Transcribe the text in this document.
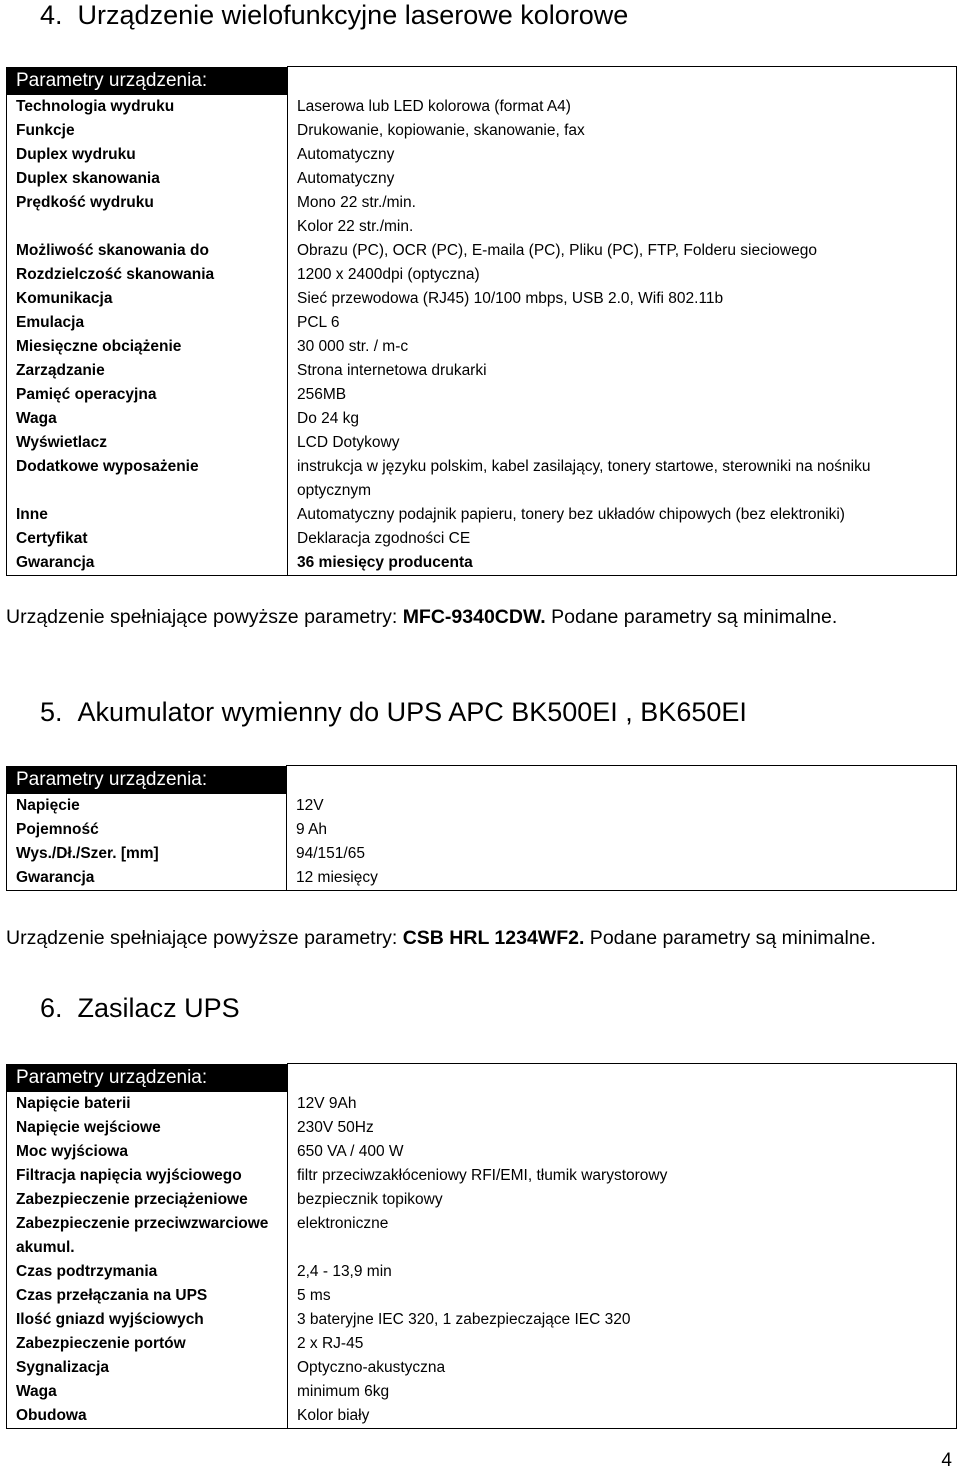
4. Urządzenie wielofunkcyjne laserowe kolorowe
Parametry urządzenia:	
Technologia wydruku	Laserowa lub LED kolorowa (format A4)
Funkcje	Drukowanie, kopiowanie, skanowanie, fax
Duplex wydruku	Automatyczny
Duplex skanowania	Automatyczny
Prędkość wydruku	Mono 22 str./min.
Kolor 22 str./min.

Możliwość skanowania do	Obrazu (PC), OCR (PC), E-maila (PC), Pliku (PC), FTP, Folderu sieciowego
Rozdzielczość skanowania	1200 x 2400dpi (optyczna)
Komunikacja	Sieć przewodowa (RJ45) 10/100 mbps, USB 2.0, Wifi 802.11b
Emulacja	PCL 6
Miesięczne obciążenie	30 000 str. / m-c
Zarządzanie	Strona internetowa drukarki
Pamięć operacyjna	256MB
Waga	Do 24 kg
Wyświetlacz	LCD Dotykowy
Dodatkowe wyposażenie	instrukcja w języku polskim, kabel zasilający, tonery startowe, sterowniki na nośniku optycznym
Inne	Automatyczny podajnik papieru, tonery bez układów chipowych (bez elektroniki)
Certyfikat	Deklaracja zgodności CE
Gwarancja	36 miesięcy producenta

Urządzenie spełniające powyższe parametry: MFC-9340CDW. Podane parametry są minimalne.

5. Akumulator wymienny do UPS APC BK500EI , BK650EI
Parametry urządzenia:	
Napięcie	12V
Pojemność	9 Ah
Wys./Dł./Szer. [mm]	94/151/65
Gwarancja	12 miesięcy

Urządzenie spełniające powyższe parametry: CSB HRL 1234WF2. Podane parametry są minimalne.

6. Zasilacz UPS
Parametry urządzenia:	
Napięcie baterii	12V 9Ah
Napięcie wejściowe	230V 50Hz
Moc wyjściowa	650 VA / 400 W
Filtracja napięcia wyjściowego	filtr przeciwzakłóceniowy RFI/EMI, tłumik warystorowy
Zabezpieczenie przeciążeniowe	bezpiecznik topikowy
Zabezpieczenie przeciwzwarciowe akumul.	elektroniczne
Czas podtrzymania	2,4 - 13,9 min
Czas przełączania na UPS	5 ms
Ilość gniazd wyjściowych	3 bateryjne IEC 320, 1 zabezpieczające IEC 320
Zabezpieczenie portów	2 x RJ-45
Sygnalizacja	Optyczno-akustyczna
Waga	minimum 6kg
Obudowa	Kolor biały
4
